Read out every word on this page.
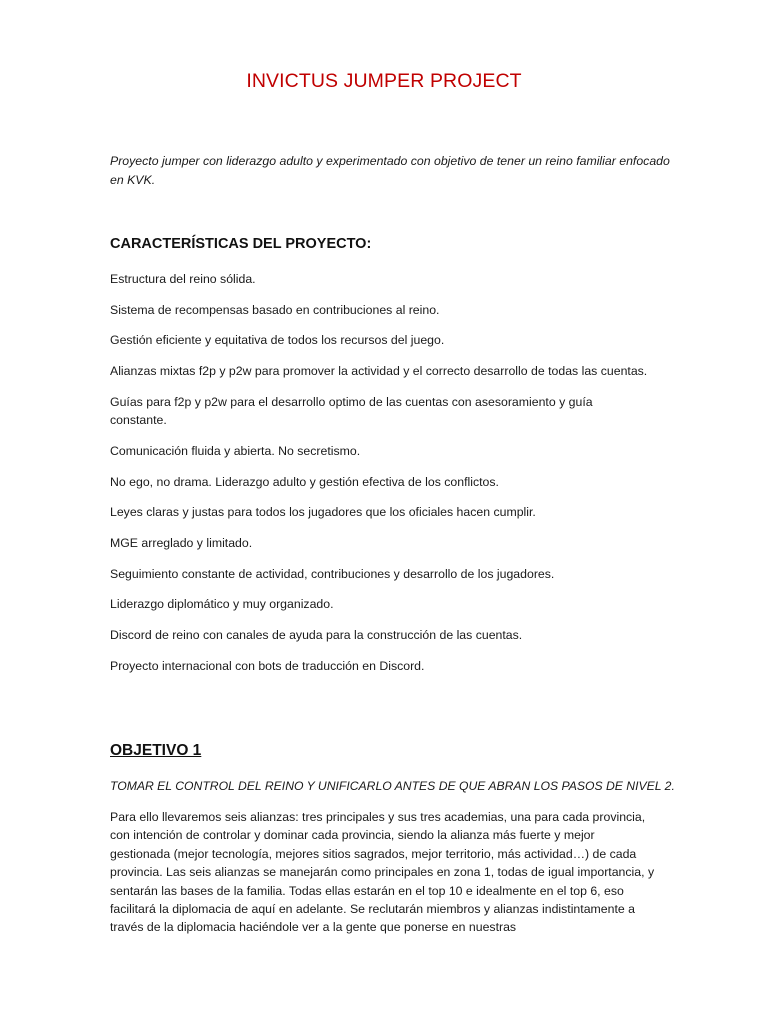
INVICTUS JUMPER PROJECT
Proyecto jumper con liderazgo adulto y experimentado con objetivo de tener un reino familiar enfocado en KVK.
CARACTERÍSTICAS DEL PROYECTO:
Estructura del reino sólida.
Sistema de recompensas basado en contribuciones al reino.
Gestión eficiente y equitativa de todos los recursos del juego.
Alianzas mixtas f2p y p2w para promover la actividad y el correcto desarrollo de todas las cuentas.
Guías para f2p y p2w para el desarrollo optimo de las cuentas con asesoramiento y guía constante.
Comunicación fluida y abierta. No secretismo.
No ego, no drama. Liderazgo adulto y gestión efectiva de los conflictos.
Leyes claras y justas para todos los jugadores que los oficiales hacen cumplir.
MGE arreglado y limitado.
Seguimiento constante de actividad, contribuciones y desarrollo de los jugadores.
Liderazgo diplomático y muy organizado.
Discord de reino con canales de ayuda para la construcción de las cuentas.
Proyecto internacional con bots de traducción en Discord.
OBJETIVO 1
TOMAR EL CONTROL DEL REINO Y UNIFICARLO ANTES DE QUE ABRAN LOS PASOS DE NIVEL 2.

Para ello llevaremos seis alianzas: tres principales y sus tres academias, una para cada provincia, con intención de controlar y dominar cada provincia, siendo la alianza más fuerte y mejor gestionada (mejor tecnología, mejores sitios sagrados, mejor territorio, más actividad…) de cada provincia. Las seis alianzas se manejarán como principales en zona 1, todas de igual importancia, y sentarán las bases de la familia. Todas ellas estarán en el top 10 e idealmente en el top 6, eso facilitará la diplomacia de aquí en adelante. Se reclutarán miembros y alianzas indistintamente a través de la diplomacia haciéndole ver a la gente que ponerse en nuestras
